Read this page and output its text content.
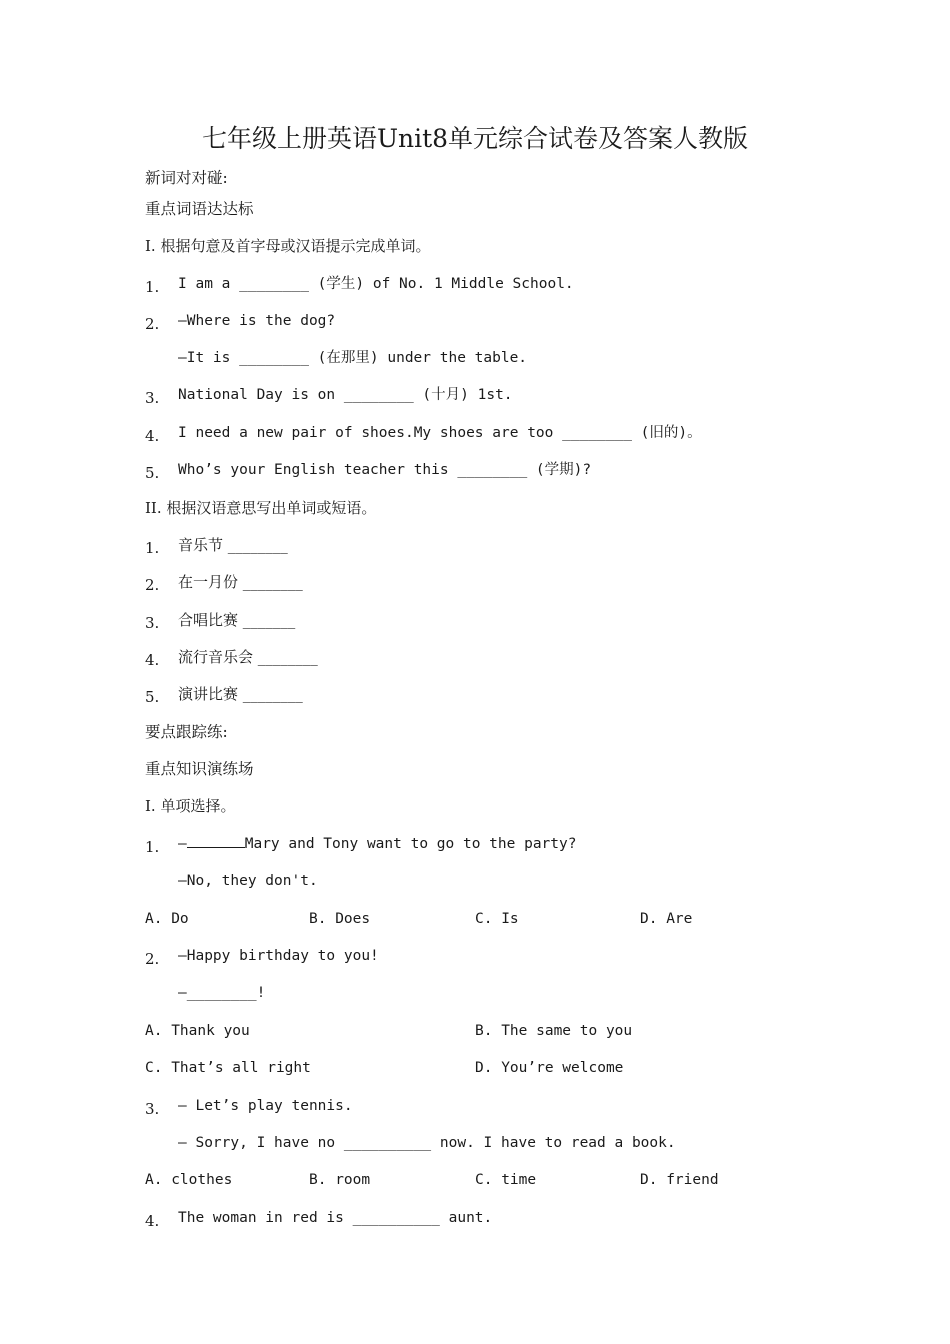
七年级上册英语Unit8单元综合试卷及答案人教版
新词对对碰:
重点词语达达标
I. 根据句意及首字母或汉语提示完成单词。
1. I am a ________ (学生) of No. 1 Middle School.
2. —Where is the dog?
—It is ________ (在那里) under the table.
3. National Day is on ________ (十月) 1st.
4. I need a new pair of shoes.My shoes are too ________ (旧的)。
5. Who’s your English teacher this ________ (学期)?
II. 根据汉语意思写出单词或短语。
1. 音乐节 ________
2. 在一月份 ________
3. 合唱比赛 _______
4. 流行音乐会 ________
5. 演讲比赛 ________
要点跟踪练:
重点知识演练场
I. 单项选择。
1. —	Mary and Tony want to go to the party?
—No, they don't.
A. Do	B. Does	C. Is	D. Are
2. —Happy birthday to you!
—________!
A. Thank you	B. The same to you
C. That’s all right	D. You’re welcome
3. — Let’s play tennis.
— Sorry, I have no __________ now. I have to read a book.
A. clothes	B. room	C. time	D. friend
4. The woman in red is __________ aunt.
